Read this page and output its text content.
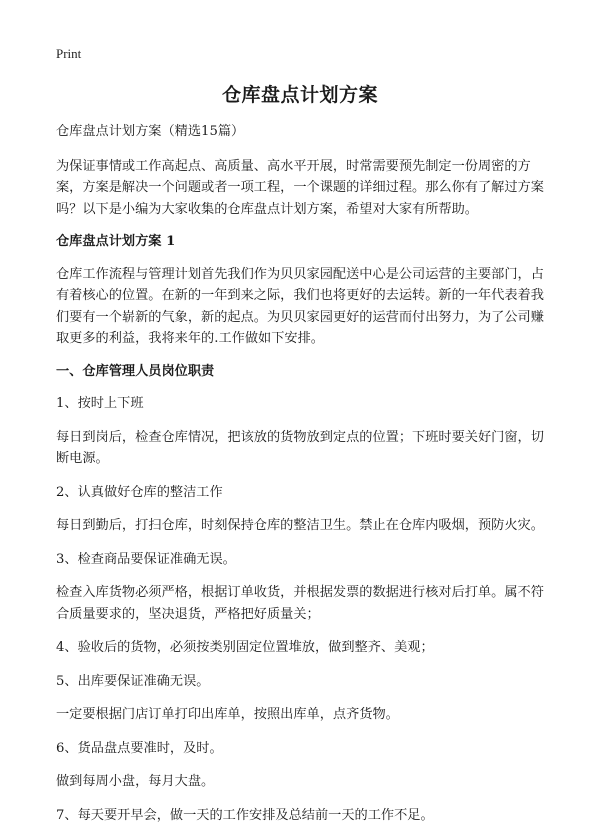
Print
仓库盘点计划方案

仓库盘点计划方案（精选15篇）

为保证事情或工作高起点、高质量、高水平开展，时常需要预先制定一份周密的方案，方案是解决一个问题或者一项工程，一个课题的详细过程。那么你有了解过方案吗？以下是小编为大家收集的仓库盘点计划方案，希望对大家有所帮助。

仓库盘点计划方案 1

仓库工作流程与管理计划首先我们作为贝贝家园配送中心是公司运营的主要部门，占有着核心的位置。在新的一年到来之际，我们也将更好的去运转。新的一年代表着我们要有一个崭新的气象，新的起点。为贝贝家园更好的运营而付出努力，为了公司赚取更多的利益，我将来年的.工作做如下安排。

一、仓库管理人员岗位职责

1、按时上下班

每日到岗后，检查仓库情况，把该放的货物放到定点的位置；下班时要关好门窗，切断电源。

2、认真做好仓库的整洁工作

每日到勤后，打扫仓库，时刻保持仓库的整洁卫生。禁止在仓库内吸烟，预防火灾。

3、检查商品要保证准确无误。

检查入库货物必须严格，根据订单收货，并根据发票的数据进行核对后打单。属不符合质量要求的，坚决退货，严格把好质量关；

4、验收后的货物，必须按类别固定位置堆放，做到整齐、美观；

5、出库要保证准确无误。

一定要根据门店订单打印出库单，按照出库单，点齐货物。

6、货品盘点要准时，及时。

做到每周小盘，每月大盘。

7、每天要开早会，做一天的工作安排及总结前一天的工作不足。
